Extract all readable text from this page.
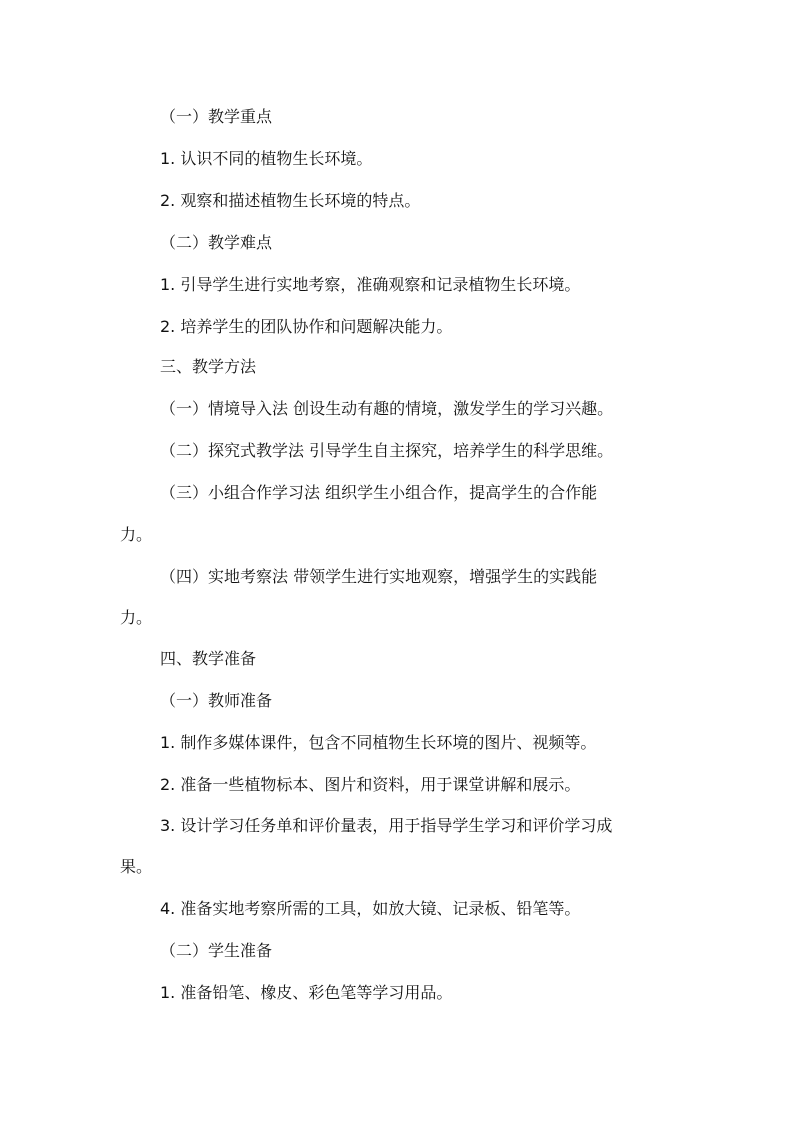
（一）教学重点
1. 认识不同的植物生长环境。
2. 观察和描述植物生长环境的特点。
（二）教学难点
1. 引导学生进行实地考察，准确观察和记录植物生长环境。
2. 培养学生的团队协作和问题解决能力。
三、教学方法
（一）情境导入法 创设生动有趣的情境，激发学生的学习兴趣。
（二）探究式教学法 引导学生自主探究，培养学生的科学思维。
（三）小组合作学习法 组织学生小组合作，提高学生的合作能
力。
（四）实地考察法 带领学生进行实地观察，增强学生的实践能
力。
四、教学准备
（一）教师准备
1. 制作多媒体课件，包含不同植物生长环境的图片、视频等。
2. 准备一些植物标本、图片和资料，用于课堂讲解和展示。
3. 设计学习任务单和评价量表，用于指导学生学习和评价学习成
果。
4. 准备实地考察所需的工具，如放大镜、记录板、铅笔等。
（二）学生准备
1. 准备铅笔、橡皮、彩色笔等学习用品。
